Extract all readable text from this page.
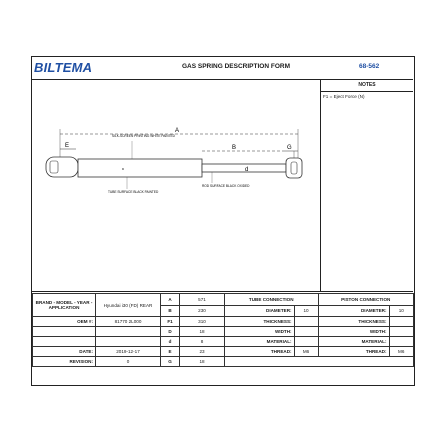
BILTEMA	GAS SPRING DESCRIPTION FORM	68-562
A
E	B	G
SILK-SCREEN PRINTING WHITE PAINTED
D	d
TUBE SURFACE BLACK PAINTED
ROD SURFACE BLACK OXIDED
NOTES
F1 = Eject Force (N)
BRAND - MODEL - YEAR - APPLICATION	Hyundai i30 (FD) REAR	A	571	TUBE CONNECTION		PISTON CONNECTION	
		B	230	DIAMETER:	10	DIAMETER:	10
OEM #:	81770 2L000	F1	310	THICKNESS:		THICKNESS:	
		D	18	WIDTH:		WIDTH:	
		d	8	MATERIAL:		MATERIAL:	
DATE:	2019-12-17	E	23	THREAD:	M6	THREAD:	M6
REVISION:	0	G	18				
